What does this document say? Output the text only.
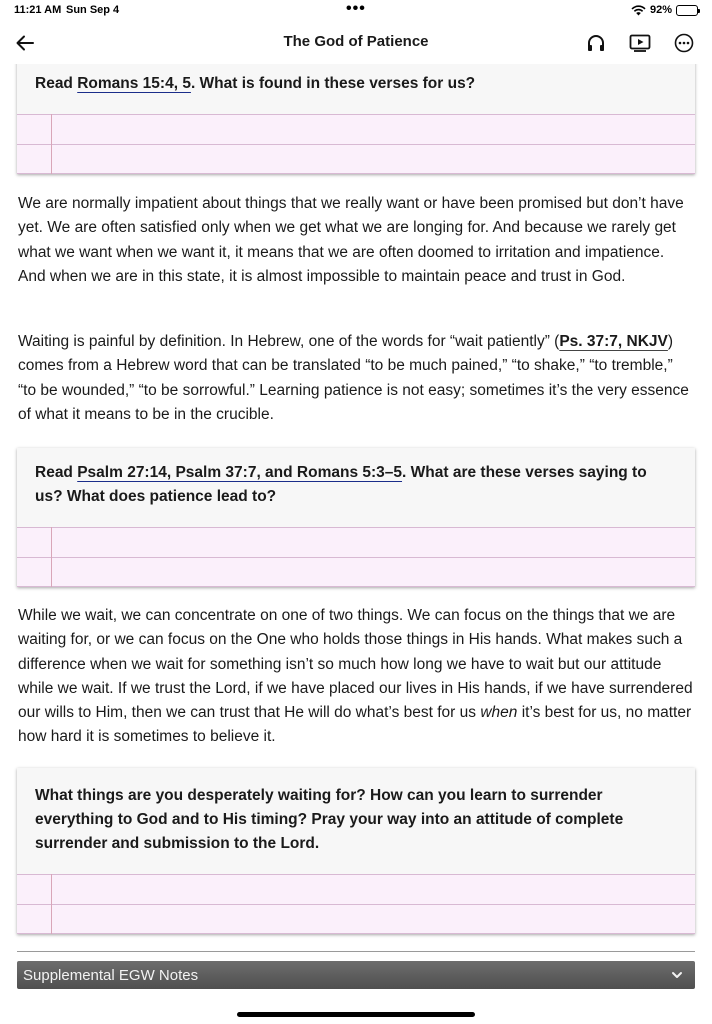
11:21 AM Sun Sep 4	•••	92%
The God of Patience
Read Romans 15:4, 5. What is found in these verses for us?

We are normally impatient about things that we really want or have been promised but don’t have yet. We are often satisfied only when we get what we are longing for. And because we rarely get what we want when we want it, it means that we are often doomed to irritation and impatience. And when we are in this state, it is almost impossible to maintain peace and trust in God.

Waiting is painful by definition. In Hebrew, one of the words for “wait patiently” (Ps. 37:7, NKJV) comes from a Hebrew word that can be translated “to be much pained,” “to shake,” “to tremble,” “to be wounded,” “to be sorrowful.” Learning patience is not easy; sometimes it’s the very essence of what it means to be in the crucible.

Read Psalm 27:14, Psalm 37:7, and Romans 5:3–5. What are these verses saying to us? What does patience lead to?

While we wait, we can concentrate on one of two things. We can focus on the things that we are waiting for, or we can focus on the One who holds those things in His hands. What makes such a difference when we wait for something isn’t so much how long we have to wait but our attitude while we wait. If we trust the Lord, if we have placed our lives in His hands, if we have surrendered our wills to Him, then we can trust that He will do what’s best for us when it’s best for us, no matter how hard it is sometimes to believe it.

What things are you desperately waiting for? How can you learn to surrender everything to God and to His timing? Pray your way into an attitude of complete surrender and submission to the Lord.
Supplemental EGW Notes
